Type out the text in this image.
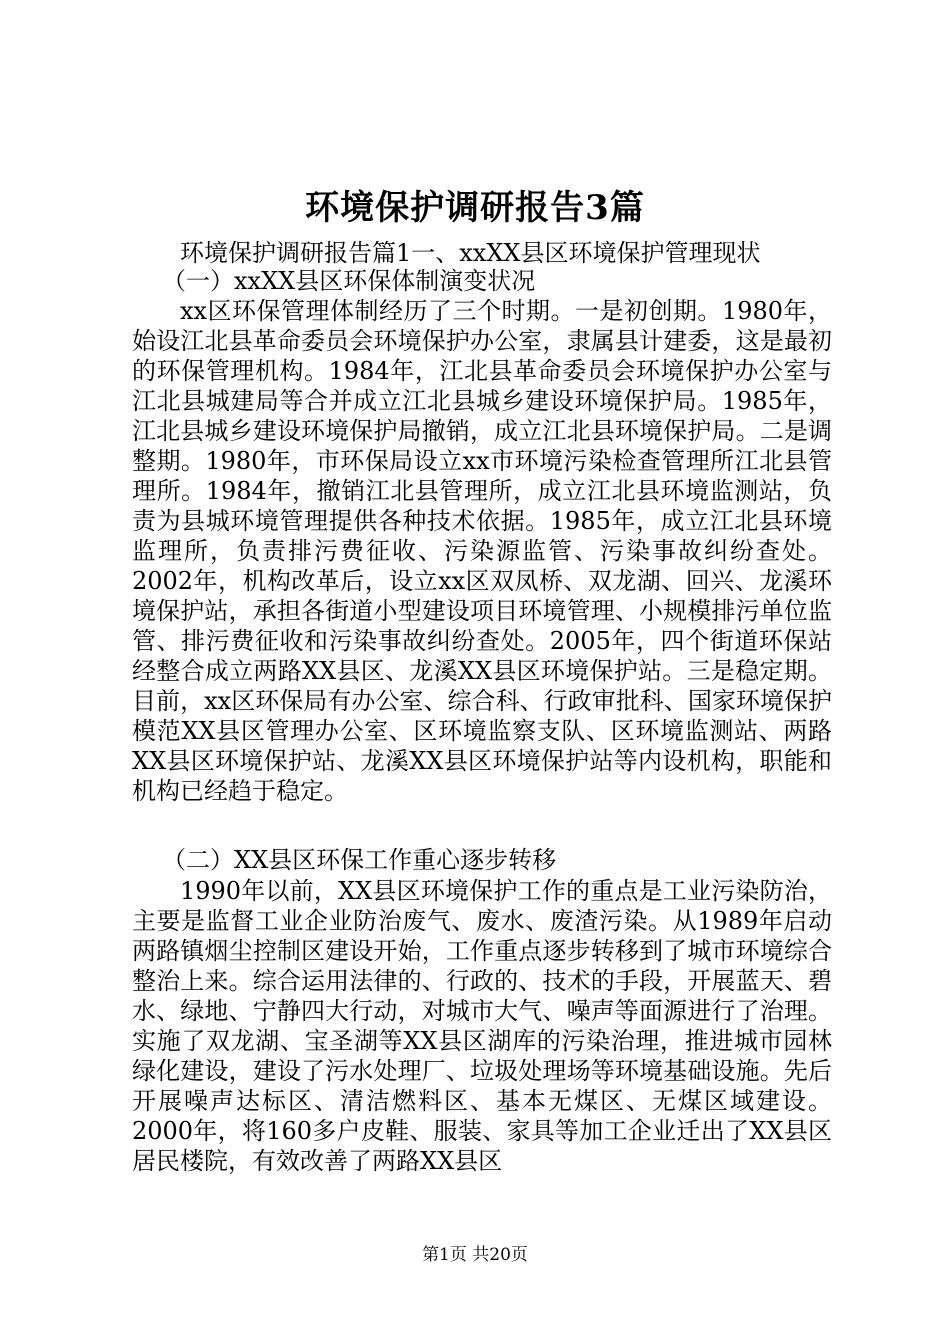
环境保护调研报告3篇
环境保护调研报告篇1一、xxXX县区环境保护管理现状
（一）xxXX县区环保体制演变状况
xx区环保管理体制经历了三个时期。一是初创期。1980年，始设江北县革命委员会环境保护办公室，隶属县计建委，这是最初的环保管理机构。1984年，江北县革命委员会环境保护办公室与江北县城建局等合并成立江北县城乡建设环境保护局。1985年，江北县城乡建设环境保护局撤销，成立江北县环境保护局。二是调整期。1980年，市环保局设立xx市环境污染检查管理所江北县管理所。1984年，撤销江北县管理所，成立江北县环境监测站，负责为县城环境管理提供各种技术依据。1985年，成立江北县环境监理所，负责排污费征收、污染源监管、污染事故纠纷查处。2002年，机构改革后，设立xx区双凤桥、双龙湖、回兴、龙溪环境保护站，承担各街道小型建设项目环境管理、小规模排污单位监管、排污费征收和污染事故纠纷查处。2005年，四个街道环保站经整合成立两路XX县区、龙溪XX县区环境保护站。三是稳定期。目前，xx区环保局有办公室、综合科、行政审批科、国家环境保护模范XX县区管理办公室、区环境监察支队、区环境监测站、两路XX县区环境保护站、龙溪XX县区环境保护站等内设机构，职能和机构已经趋于稳定。
（二）XX县区环保工作重心逐步转移
1990年以前，XX县区环境保护工作的重点是工业污染防治，主要是监督工业企业防治废气、废水、废渣污染。从1989年启动两路镇烟尘控制区建设开始，工作重点逐步转移到了城市环境综合整治上来。综合运用法律的、行政的、技术的手段，开展蓝天、碧水、绿地、宁静四大行动，对城市大气、噪声等面源进行了治理。实施了双龙湖、宝圣湖等XX县区湖库的污染治理，推进城市园林绿化建设，建设了污水处理厂、垃圾处理场等环境基础设施。先后开展噪声达标区、清洁燃料区、基本无煤区、无煤区域建设。2000年，将160多户皮鞋、服装、家具等加工企业迁出了XX县区居民楼院，有效改善了两路XX县区
第1页 共20页
